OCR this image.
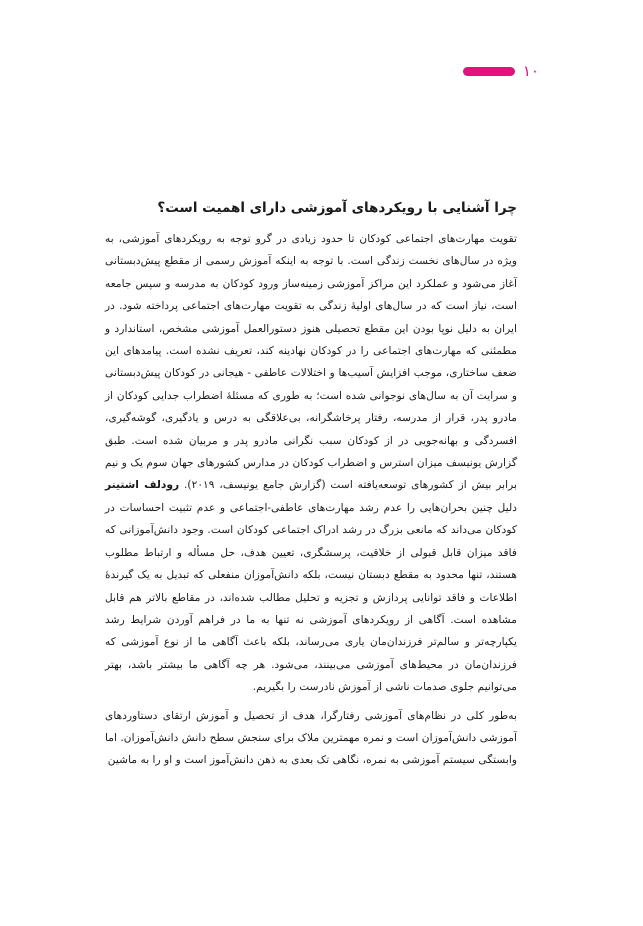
۱۰
چرا آشنایی با رویکردهای آموزشی دارای اهمیت است؟

تقویت مهارت‌های اجتماعی کودکان تا حدود زیادی در گرو توجه به رویکردهای آموزشی، به ویژه در سال‌های نخست زندگی است. با توجه به اینکه آموزش رسمی از مقطع پیش‌دبستانی آغاز می‌شود و عملکرد این مراکز آموزشی زمینه‌ساز ورود کودکان به مدرسه و سپس جامعه است، نیاز است که در سال‌های اولیهٔ زندگی به تقویت مهارت‌های اجتماعی پرداخته شود. در ایران به دلیل نوپا بودن این مقطع تحصیلی هنوز دستورالعمل آموزشی مشخص، استاندارد و مطمئنی که مهارت‌های اجتماعی را در کودکان نهادینه کند، تعریف نشده است. پیامدهای این ضعف ساختاری، موجب افزایش آسیب‌ها و اختلالات عاطفی - هیجانی در کودکان پیش‌دبستانی و سرایت آن به سال‌های نوجوانی شده است؛ به طوری که مسئلهٔ اضطراب جدایی کودکان از مادرو پدر، قرار از مدرسه، رفتار پرخاشگرانه، بی‌علاقگی به درس و یادگیری، گوشه‌گیری، افسردگی و بهانه‌جویی در از کودکان سبب نگرانی مادرو پدر و مربیان شده است. طبق گزارش یونیسف میزان استرس و اضطراب کودکان در مدارس کشورهای جهان سوم یک و نیم برابر بیش از کشورهای توسعه‌یافته است (گزارش جامع یونیسف، ۲۰۱۹). رودلف اشتینر دلیل چنین بحران‌هایی را عدم رشد مهارت‌های عاطفی-اجتماعی و عدم تثبیت احساسات در کودکان می‌داند که مانعی بزرگ در رشد ادراک اجتماعی کودکان است. وجود دانش‌آموزانی که فاقد میزان قابل قبولی از خلاقیت، پرسشگری، تعیین هدف، حل مسأله و ارتباط مطلوب هستند، تنها محدود به مقطع دبستان نیست، بلکه دانش‌آموزان منفعلی که تبدیل به یک گیرندهٔ اطلاعات و فاقد توانایی پردازش و تجزیه و تحلیل مطالب شده‌اند، در مقاطع بالاتر هم قابل مشاهده است. آگاهی از رویکردهای آموزشی نه تنها به ما در فراهم آوردن شرایط رشد یکپارچه‌تر و سالم‌تر فرزندان‌مان یاری می‌رساند، بلکه باعث آگاهی ما از نوع آموزشی که فرزندان‌مان در محیط‌های آموزشی می‌بینند، می‌شود. هر چه آگاهی ما بیشتر باشد، بهتر می‌توانیم جلوی صدمات ناشی از آموزش نادرست را بگیریم.

به‌طور کلی در نظام‌های آموزشی رفتارگرا، هدف از تحصیل و آموزش ارتقای دستاوردهای آموزشی دانش‌آموزان است و نمره مهمترین ملاک برای سنجش سطح دانش دانش‌آموزان. اما وابستگی سیستم آموزشی به نمره، نگاهی تک بعدی به ذهن دانش‌آموز است و او را به ماشین
